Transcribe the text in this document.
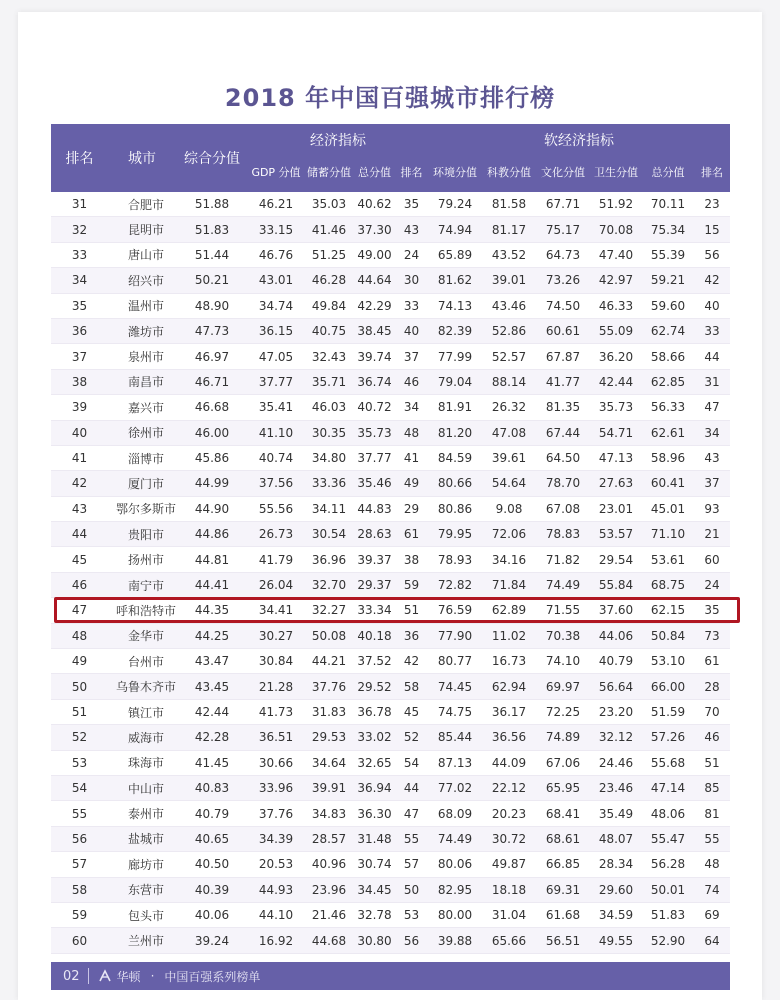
2018 年中国百强城市排行榜
排名	城市	综合分值	经济指标				软经济指标					
			GDP 分值	储蓄分值	总分值	排名	环境分值	科教分值	文化分值	卫生分值	总分值	排名
31	合肥市	51.88	46.21	35.03	40.62	35	79.24	81.58	67.71	51.92	70.11	23
32	昆明市	51.83	33.15	41.46	37.30	43	74.94	81.17	75.17	70.08	75.34	15
33	唐山市	51.44	46.76	51.25	49.00	24	65.89	43.52	64.73	47.40	55.39	56
34	绍兴市	50.21	43.01	46.28	44.64	30	81.62	39.01	73.26	42.97	59.21	42
35	温州市	48.90	34.74	49.84	42.29	33	74.13	43.46	74.50	46.33	59.60	40
36	潍坊市	47.73	36.15	40.75	38.45	40	82.39	52.86	60.61	55.09	62.74	33
37	泉州市	46.97	47.05	32.43	39.74	37	77.99	52.57	67.87	36.20	58.66	44
38	南昌市	46.71	37.77	35.71	36.74	46	79.04	88.14	41.77	42.44	62.85	31
39	嘉兴市	46.68	35.41	46.03	40.72	34	81.91	26.32	81.35	35.73	56.33	47
40	徐州市	46.00	41.10	30.35	35.73	48	81.20	47.08	67.44	54.71	62.61	34
41	淄博市	45.86	40.74	34.80	37.77	41	84.59	39.61	64.50	47.13	58.96	43
42	厦门市	44.99	37.56	33.36	35.46	49	80.66	54.64	78.70	27.63	60.41	37
43	鄂尔多斯市	44.90	55.56	34.11	44.83	29	80.86	9.08	67.08	23.01	45.01	93
44	贵阳市	44.86	26.73	30.54	28.63	61	79.95	72.06	78.83	53.57	71.10	21
45	扬州市	44.81	41.79	36.96	39.37	38	78.93	34.16	71.82	29.54	53.61	60
46	南宁市	44.41	26.04	32.70	29.37	59	72.82	71.84	74.49	55.84	68.75	24
47	呼和浩特市	44.35	34.41	32.27	33.34	51	76.59	62.89	71.55	37.60	62.15	35
48	金华市	44.25	30.27	50.08	40.18	36	77.90	11.02	70.38	44.06	50.84	73
49	台州市	43.47	30.84	44.21	37.52	42	80.77	16.73	74.10	40.79	53.10	61
50	乌鲁木齐市	43.45	21.28	37.76	29.52	58	74.45	62.94	69.97	56.64	66.00	28
51	镇江市	42.44	41.73	31.83	36.78	45	74.75	36.17	72.25	23.20	51.59	70
52	威海市	42.28	36.51	29.53	33.02	52	85.44	36.56	74.89	32.12	57.26	46
53	珠海市	41.45	30.66	34.64	32.65	54	87.13	44.09	67.06	24.46	55.68	51
54	中山市	40.83	33.96	39.91	36.94	44	77.02	22.12	65.95	23.46	47.14	85
55	泰州市	40.79	37.76	34.83	36.30	47	68.09	20.23	68.41	35.49	48.06	81
56	盐城市	40.65	34.39	28.57	31.48	55	74.49	30.72	68.61	48.07	55.47	55
57	廊坊市	40.50	20.53	40.96	30.74	57	80.06	49.87	66.85	28.34	56.28	48
58	东营市	40.39	44.93	23.96	34.45	50	82.95	18.18	69.31	29.60	50.01	74
59	包头市	40.06	44.10	21.46	32.78	53	80.00	31.04	61.68	34.59	51.83	69
60	兰州市	39.24	16.92	44.68	30.80	56	39.88	65.66	56.51	49.55	52.90	64
02	华顿 · 中国百强系列榜单
